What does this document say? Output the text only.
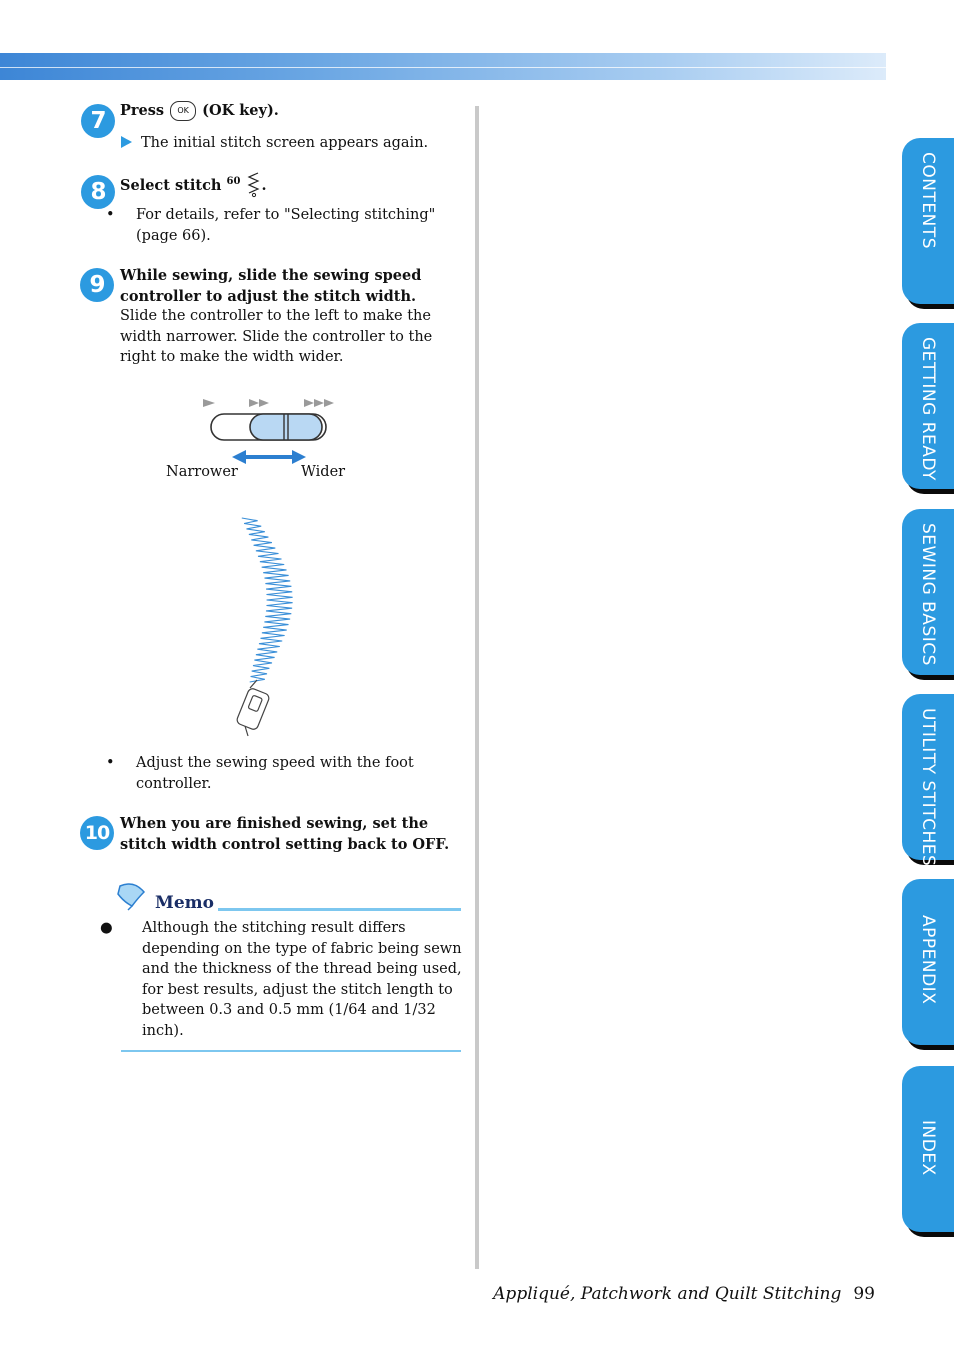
7	Press OK (OK key).
The initial stitch screen appears again.
8	Select stitch $^{60}$ .
• For details, refer to "Selecting stitching" (page 66).
9	While sewing, slide the sewing speed controller to adjust the stitch width.
Slide the controller to the left to make the width narrower. Slide the controller to the right to make the width wider.
Narrower	Wider
• Adjust the sewing speed with the foot controller.
10 When you are finished sewing, set the stitch width control setting back to OFF.
Memo
● Although the stitching result differs depending on the type of fabric being sewn and the thickness of the thread being used, for best results, adjust the stitch length to between 0.3 and 0.5 mm (1/64 and 1/32 inch).
CONTENTS
GETTING READY
SEWING BASICS
UTILITY STITCHES
APPENDIX
INDEX
Appliqué, Patchwork and Quilt Stitching 99
